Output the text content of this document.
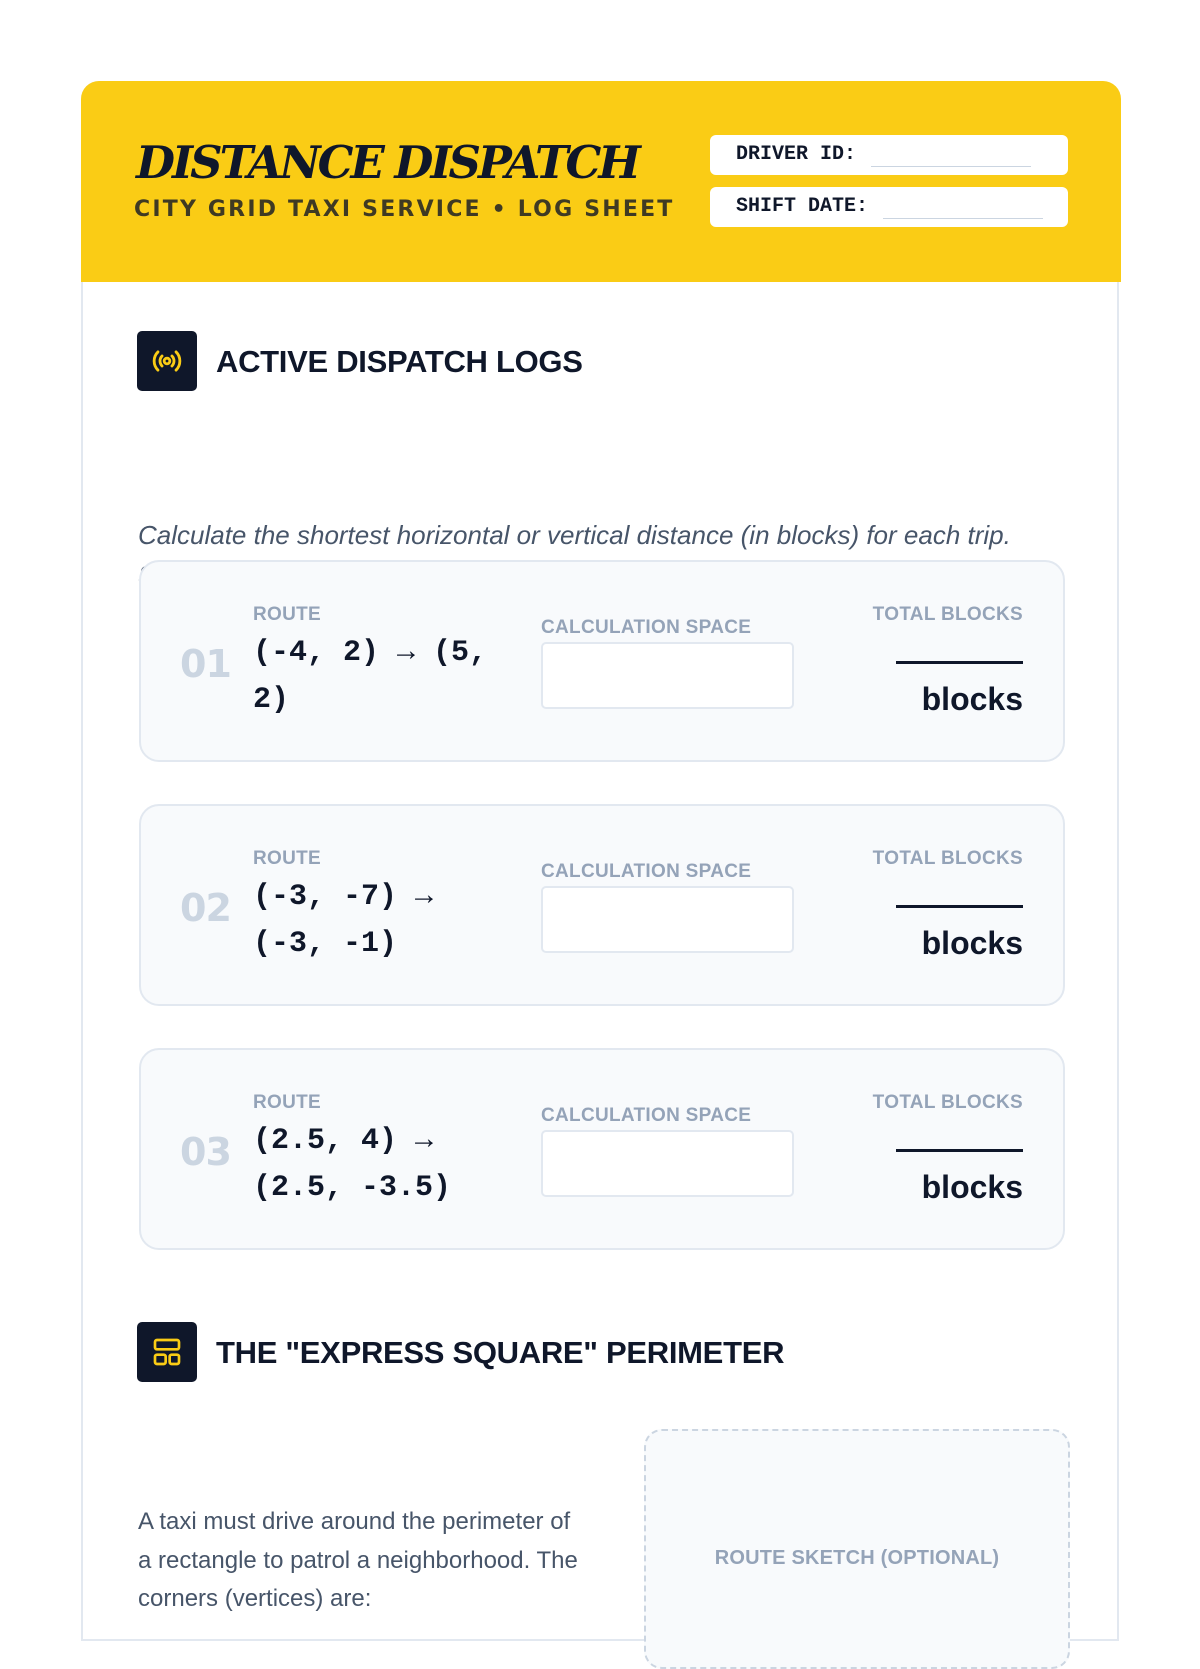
DISTANCE DISPATCH
CITY GRID TAXI SERVICE • LOG SHEET
DRIVER ID:
SHIFT DATE:
ACTIVE DISPATCH LOGS

Calculate the shortest horizontal or vertical distance (in blocks) for each trip.

01
ROUTE
(-4, 2) → (5, 2)
CALCULATION SPACE
TOTAL BLOCKS
blocks
02
ROUTE
(-3, -7) → (-3, -1)
CALCULATION SPACE
TOTAL BLOCKS
blocks
03
ROUTE
(2.5, 4) → (2.5, -3.5)
CALCULATION SPACE
TOTAL BLOCKS
blocks
THE "EXPRESS SQUARE" PERIMETER

A taxi must drive around the perimeter of a rectangle to patrol a neighborhood. The corners (vertices) are:

ROUTE SKETCH (OPTIONAL)
